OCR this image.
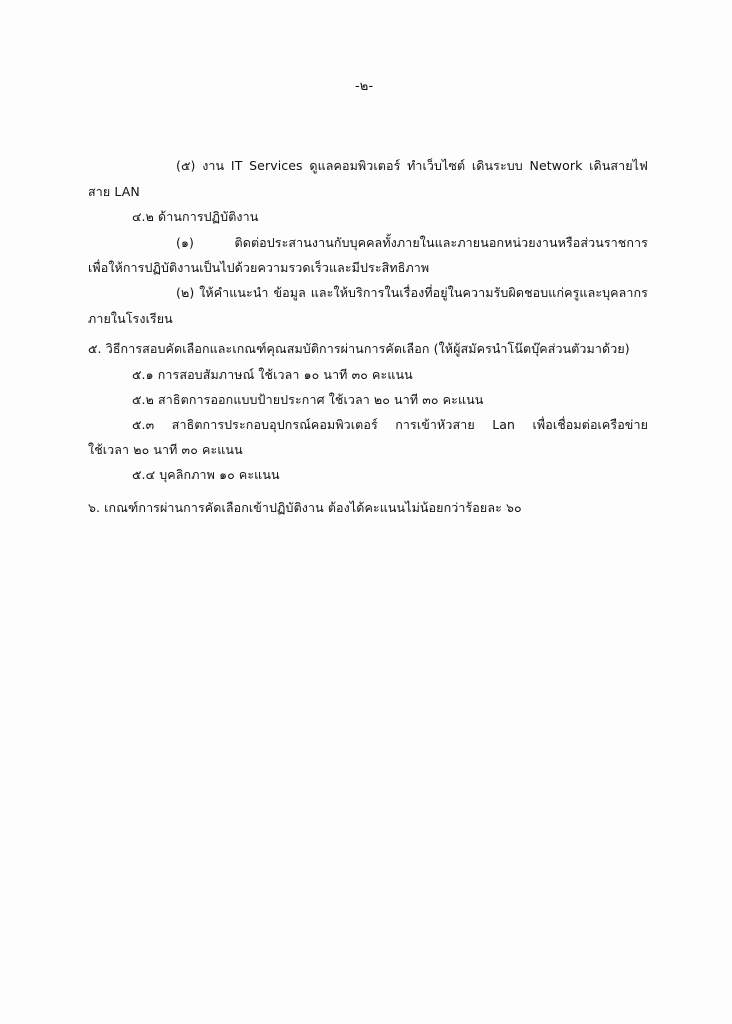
-๒-
(๕) งาน IT Services ดูแลคอมพิวเตอร์ ทำเว็บไซต์ เดินระบบ Network เดินสายไฟ
สาย LAN
๔.๒ ด้านการปฏิบัติงาน
(๑) ติดต่อประสานงานกับบุคคลทั้งภายในและภายนอกหน่วยงานหรือส่วนราชการ
เพื่อให้การปฏิบัติงานเป็นไปด้วยความรวดเร็วและมีประสิทธิภาพ
(๒) ให้คำแนะนำ ข้อมูล และให้บริการในเรื่องที่อยู่ในความรับผิดชอบแก่ครูและบุคลากร
ภายในโรงเรียน
๕. วิธีการสอบคัดเลือกและเกณฑ์คุณสมบัติการผ่านการคัดเลือก (ให้ผู้สมัครนำโน๊ตบุ๊คส่วนตัวมาด้วย)
๕.๑ การสอบสัมภาษณ์ ใช้เวลา ๑๐ นาที ๓๐ คะแนน
๕.๒ สาธิตการออกแบบป้ายประกาศ ใช้เวลา ๒๐ นาที ๓๐ คะแนน
๕.๓ สาธิตการประกอบอุปกรณ์คอมพิวเตอร์ การเข้าหัวสาย Lan เพื่อเชื่อมต่อเครือข่าย
ใช้เวลา ๒๐ นาที ๓๐ คะแนน
๕.๔ บุคลิกภาพ ๑๐ คะแนน
๖. เกณฑ์การผ่านการคัดเลือกเข้าปฏิบัติงาน ต้องได้คะแนนไม่น้อยกว่าร้อยละ ๖๐
